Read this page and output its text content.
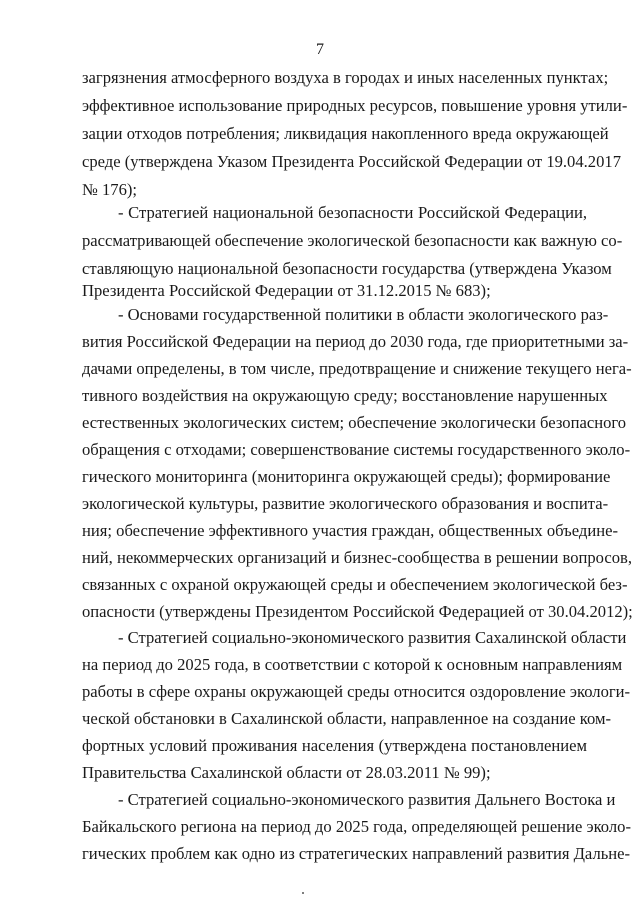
7
загрязнения атмосферного воздуха в городах и иных населенных пунктах;
эффективное использование природных ресурсов, повышение уровня утили-
зации отходов потребления; ликвидация накопленного вреда окружающей
среде (утверждена Указом Президента Российской Федерации от 19.04.2017
№ 176);
- Стратегией национальной безопасности Российской Федерации,
рассматривающей обеспечение экологической безопасности как важную со-
ставляющую национальной безопасности государства (утверждена Указом
Президента Российской Федерации от 31.12.2015 № 683);
- Основами государственной политики в области экологического раз-
вития Российской Федерации на период до 2030 года, где приоритетными за-
дачами определены, в том числе, предотвращение и снижение текущего нега-
тивного воздействия на окружающую среду; восстановление нарушенных
естественных экологических систем; обеспечение экологически безопасного
обращения с отходами; совершенствование системы государственного эколо-
гического мониторинга (мониторинга окружающей среды); формирование
экологической культуры, развитие экологического образования и воспита-
ния; обеспечение эффективного участия граждан, общественных объедине-
ний, некоммерческих организаций и бизнес-сообщества в решении вопросов,
связанных с охраной окружающей среды и обеспечением экологической без-
опасности (утверждены Президентом Российской Федерацией от 30.04.2012);
- Стратегией социально-экономического развития Сахалинской области
на период до 2025 года, в соответствии с которой к основным направлениям
работы в сфере охраны окружающей среды относится оздоровление экологи-
ческой обстановки в Сахалинской области, направленное на создание ком-
фортных условий проживания населения (утверждена постановлением
Правительства Сахалинской области от 28.03.2011 № 99);
- Стратегией социально-экономического развития Дальнего Востока и
Байкальского региона на период до 2025 года, определяющей решение эколо-
гических проблем как одно из стратегических направлений развития Дальне-
